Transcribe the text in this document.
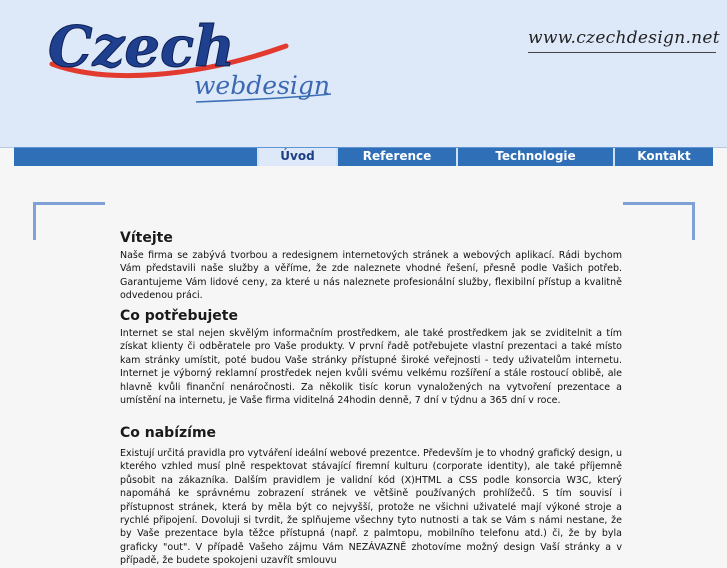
Czech
webdesign
www.czechdesign.net
Úvod	Reference	Technologie	Kontakt
Vítejte

Naše firma se zabývá tvorbou a redesignem internetových stránek a webových aplikací. Rádi bychom Vám představili naše služby a věříme, že zde naleznete vhodné řešení, přesně podle Vašich potřeb. Garantujeme Vám lidové ceny, za které u nás naleznete profesionální služby, flexibilní přístup a kvalitně odvedenou práci.

Co potřebujete

Internet se stal nejen skvělým informačním prostředkem, ale také prostředkem jak se zviditelnit a tím získat klienty či odběratele pro Vaše produkty. V první řadě potřebujete vlastní prezentaci a také místo kam stránky umístit, poté budou Vaše stránky přístupné široké veřejnosti - tedy uživatelům internetu. Internet je výborný reklamní prostředek nejen kvůli svému velkému rozšíření a stále rostoucí oblibě, ale hlavně kvůli finanční nenáročnosti. Za několik tisíc korun vynaložených na vytvoření prezentace a umístění na internetu, je Vaše firma viditelná 24hodin denně, 7 dní v týdnu a 365 dní v roce.

Co nabízíme

Existují určitá pravidla pro vytváření ideální webové prezentce. Především je to vhodný grafický design, u kterého vzhled musí plně respektovat stávající firemní kulturu (corporate identity), ale také příjemně působit na zákazníka. Dalším pravidlem je validní kód (X)HTML a CSS podle konsorcia W3C, který napomáhá ke správnému zobrazení stránek ve většině používaných prohlížečů. S tím souvisí i přístupnost stránek, která by měla být co nejvyšší, protože ne všichni uživatelé mají výkoné stroje a rychlé připojení. Dovoluji si tvrdit, že splňujeme všechny tyto nutnosti a tak se Vám s námi nestane, že by Vaše prezentace byla těžce přístupná (např. z palmtopu, mobilního telefonu atd.) či, že by byla graficky "out". V případě Vašeho zájmu Vám NEZÁVAZNĚ zhotovíme možný design Vaší stránky a v případě, že budete spokojeni uzavřít smlouvu
